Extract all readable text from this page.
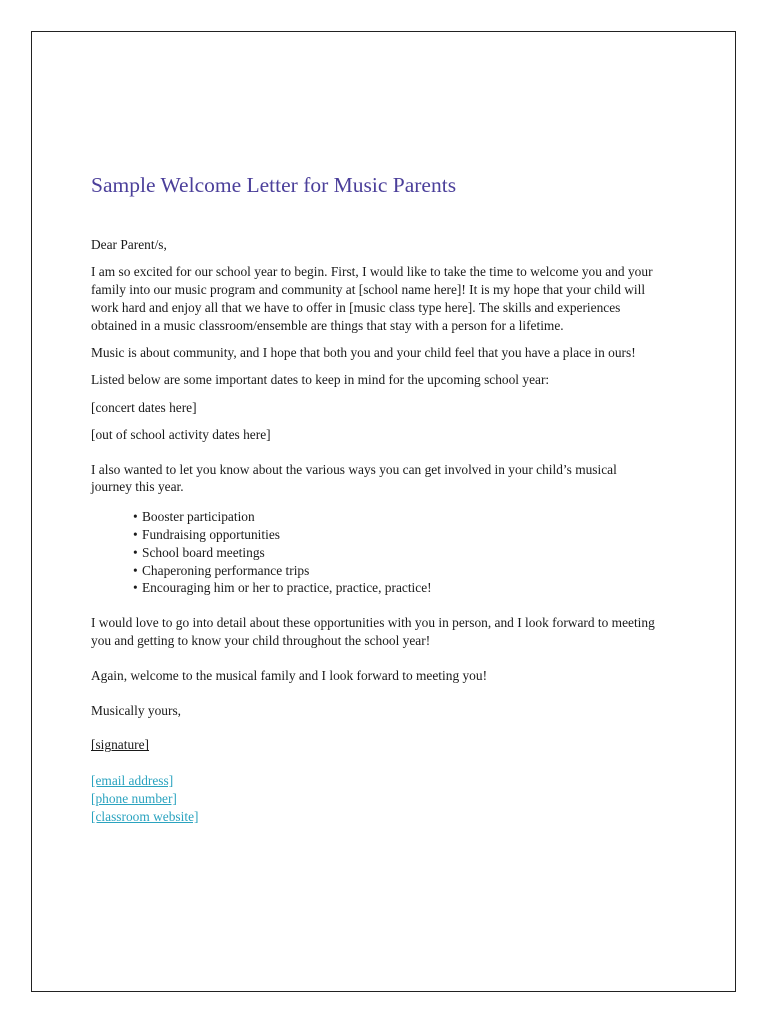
Sample Welcome Letter for Music Parents

Dear Parent/s,

I am so excited for our school year to begin. First, I would like to take the time to welcome you and your
family into our music program and community at [school name here]! It is my hope that your child will
work hard and enjoy all that we have to offer in [music class type here]. The skills and experiences
obtained in a music classroom/ensemble are things that stay with a person for a lifetime.

Music is about community, and I hope that both you and your child feel that you have a place in ours!

Listed below are some important dates to keep in mind for the upcoming school year:

[concert dates here]

[out of school activity dates here]

I also wanted to let you know about the various ways you can get involved in your child’s musical
journey this year.

• Booster participation
• Fundraising opportunities
• School board meetings
• Chaperoning performance trips
• Encouraging him or her to practice, practice, practice!

I would love to go into detail about these opportunities with you in person, and I look forward to meeting
you and getting to know your child throughout the school year!

Again, welcome to the musical family and I look forward to meeting you!

Musically yours,

[signature]

[email address]
[phone number]
[classroom website]
